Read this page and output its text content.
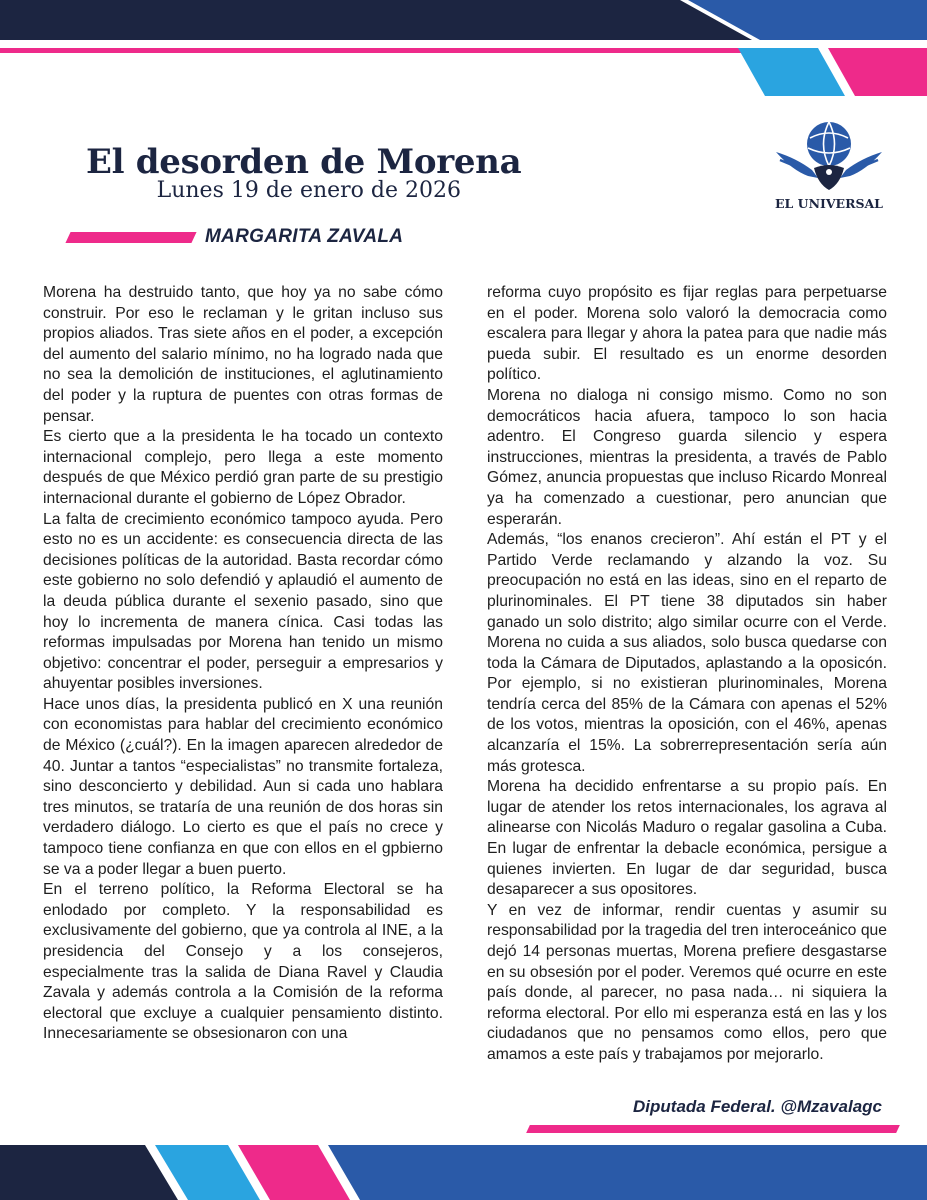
El desorden de Morena
Lunes 19 de enero de 2026
MARGARITA ZAVALA
EL UNIVERSAL

Morena ha destruido tanto, que hoy ya no sabe cómo construir. Por eso le reclaman y le gritan incluso sus propios aliados. Tras siete años en el poder, a excepción del aumento del salario mínimo, no ha logrado nada que no sea la demolición de instituciones, el aglutinamiento del poder y la ruptura de puentes con otras formas de pensar.

Es cierto que a la presidenta le ha tocado un contexto internacional complejo, pero llega a este momento después de que México perdió gran parte de su prestigio internacional durante el gobierno de López Obrador.

La falta de crecimiento económico tampoco ayuda. Pero esto no es un accidente: es consecuencia directa de las decisiones políticas de la autoridad. Basta recordar cómo este gobierno no solo defendió y aplaudió el aumento de la deuda pública durante el sexenio pasado, sino que hoy lo incrementa de manera cínica. Casi todas las reformas impulsadas por Morena han tenido un mismo objetivo: concentrar el poder, perseguir a empresarios y ahuyentar posibles inversiones.

Hace unos días, la presidenta publicó en X una reunión con economistas para hablar del crecimiento económico de México (¿cuál?). En la imagen aparecen alrededor de 40. Juntar a tantos “especialistas” no transmite fortaleza, sino desconcierto y debilidad. Aun si cada uno hablara tres minutos, se trataría de una reunión de dos horas sin verdadero diálogo. Lo cierto es que el país no crece y tampoco tiene confianza en que con ellos en el gpbierno se va a poder llegar a buen puerto.

En el terreno político, la Reforma Electoral se ha enlodado por completo. Y la responsabilidad es exclusivamente del gobierno, que ya controla al INE, a la presidencia del Consejo y a los consejeros, especialmente tras la salida de Diana Ravel y Claudia Zavala y además controla a la Comisión de la reforma electoral que excluye a cualquier pensamiento distinto. Innecesariamente se obsesionaron con una

reforma cuyo propósito es fijar reglas para perpetuarse en el poder. Morena solo valoró la democracia como escalera para llegar y ahora la patea para que nadie más pueda subir. El resultado es un enorme desorden político.

Morena no dialoga ni consigo mismo. Como no son democráticos hacia afuera, tampoco lo son hacia adentro. El Congreso guarda silencio y espera instrucciones, mientras la presidenta, a través de Pablo Gómez, anuncia propuestas que incluso Ricardo Monreal ya ha comenzado a cuestionar, pero anuncian que esperarán.

Además, “los enanos crecieron”. Ahí están el PT y el Partido Verde reclamando y alzando la voz. Su preocupación no está en las ideas, sino en el reparto de plurinominales. El PT tiene 38 diputados sin haber ganado un solo distrito; algo similar ocurre con el Verde. Morena no cuida a sus aliados, solo busca quedarse con toda la Cámara de Diputados, aplastando a la oposicón. Por ejemplo, si no existieran plurinominales, Morena tendría cerca del 85% de la Cámara con apenas el 52% de los votos, mientras la oposición, con el 46%, apenas alcanzaría el 15%. La sobrerrepresentación sería aún más grotesca.

Morena ha decidido enfrentarse a su propio país. En lugar de atender los retos internacionales, los agrava al alinearse con Nicolás Maduro o regalar gasolina a Cuba. En lugar de enfrentar la debacle económica, persigue a quienes invierten. En lugar de dar seguridad, busca desaparecer a sus opositores.

Y en vez de informar, rendir cuentas y asumir su responsabilidad por la tragedia del tren interoceánico que dejó 14 personas muertas, Morena prefiere desgastarse en su obsesión por el poder. Veremos qué ocurre en este país donde, al parecer, no pasa nada… ni siquiera la reforma electoral. Por ello mi esperanza está en las y los ciudadanos que no pensamos como ellos, pero que amamos a este país y trabajamos por mejorarlo.

Diputada Federal. @Mzavalagc
